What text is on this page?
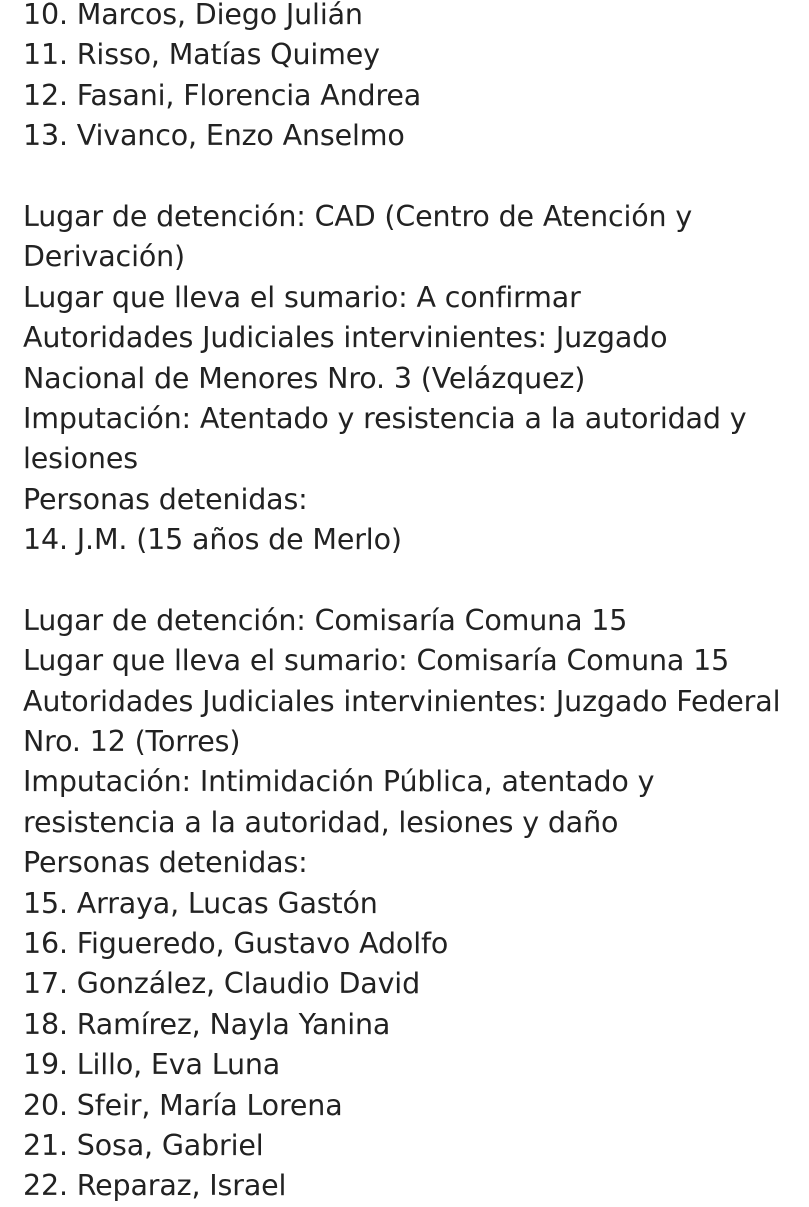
10. Marcos, Diego Julián
11. Risso, Matías Quimey
12. Fasani, Florencia Andrea
13. Vivanco, Enzo Anselmo
Lugar de detención: CAD (Centro de Atención y
Derivación)
Lugar que lleva el sumario: A confirmar
Autoridades Judiciales intervinientes: Juzgado
Nacional de Menores Nro. 3 (Velázquez)
Imputación: Atentado y resistencia a la autoridad y
lesiones
Personas detenidas:
14. J.M. (15 años de Merlo)
Lugar de detención: Comisaría Comuna 15
Lugar que lleva el sumario: Comisaría Comuna 15
Autoridades Judiciales intervinientes: Juzgado Federal
Nro. 12 (Torres)
Imputación: Intimidación Pública, atentado y
resistencia a la autoridad, lesiones y daño
Personas detenidas:
15. Arraya, Lucas Gastón
16. Figueredo, Gustavo Adolfo
17. González, Claudio David
18. Ramírez, Nayla Yanina
19. Lillo, Eva Luna
20. Sfeir, María Lorena
21. Sosa, Gabriel
22. Reparaz, Israel
